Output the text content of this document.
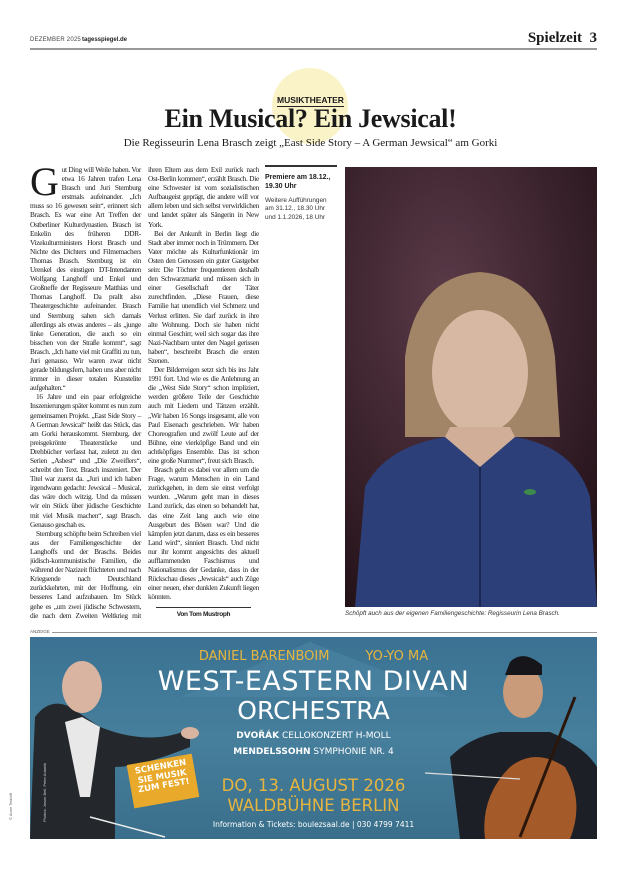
DEZEMBER 2025 tagesspiegel.de	Spielzeit 3
MUSIKTHEATER
Ein Musical? Ein Jewsical!
Die Regisseurin Lena Brasch zeigt „East Side Story – A German Jewsical“ am Gorki

Gut Ding will Weile haben. Vor etwa 16 Jahren trafen Lena Brasch und Juri Sternburg erstmals aufeinander. „Ich muss so 16 gewesen sein“, erinnert sich Brasch. Es war eine Art Treffen der Ostberliner Kulturdynastien. Brasch ist Enkelin des früheren DDR-Vizekulturministers Horst Brasch und Nichte des Dichters und Filmemachers Thomas Brasch. Sternburg ist ein Urenkel des einstigen DT-Intendanten Wolfgang Langhoff und Enkel und Großneffe der Regisseure Matthias und Thomas Langhoff. Da prallt also Theatergeschichte aufeinander. Brasch und Sternburg sahen sich damals allerdings als etwas anderes – als „junge linke Generation, die auch so ein bisschen von der Straße kommt“, sagt Brasch. „Ich hatte viel mit Graffiti zu tun, Juri genauso. Wir waren zwar nicht gerade bildungsfern, haben uns aber nicht immer in dieser totalen Kunstelite aufgehalten.“

16 Jahre und ein paar erfolgreiche Inszenierungen später kommt es nun zum gemeinsamen Projekt. „East Side Story – A German Jewsical“ heißt das Stück, das am Gorki herauskommt. Sternburg, der preisgekrönte Theaterstücke und Drehbücher verfasst hat, zuletzt zu den Serien „Asbest“ und „Die Zweiflers“, schreibt den Text. Brasch inszeniert. Der Titel war zuerst da. „Juri und ich haben irgendwann gedacht: Jewsical – Musical, das wäre doch witzig. Und da müssen wir ein Stück über jüdische Geschichte mit viel Musik machen“, sagt Brasch. Genauso geschah es.

Sternburg schöpfte beim Schreiben viel aus der Familiengeschichte der Langhoffs und der Braschs. Beides jüdisch-kommunistische Familien, die während der Nazizeit flüchteten und nach Kriegsende nach Deutschland zurückkehrten, mit der Hoffnung, ein besseres Land aufzubauen. Im Stück gehe es „um zwei jüdische Schwestern, die nach dem Zweiten Weltkrieg mit ihren Eltern aus dem Exil zurück nach Ost-Berlin kommen“, erzählt Brasch. Die eine Schwester ist vom sozialistischen Aufbaugeist geprägt, die andere will vor allem leben und sich selbst verwirklichen und landet später als Sängerin in New York.

Bei der Ankunft in Berlin liegt die Stadt aber immer noch in Trümmern. Der Vater möchte als Kulturfunktionär im Osten den Genossen ein guter Gastgeber sein: Die Töchter frequentieren deshalb den Schwarzmarkt und müssen sich in einer Gesellschaft der Täter zurechtfinden. „Diese Frauen, diese Familie hat unendlich viel Schmerz und Verlust erlitten. Sie darf zurück in ihre alte Wohnung. Doch sie haben nicht einmal Geschirr, weil sich sogar das ihre Nazi-Nachbarn unter den Nagel gerissen haben“, beschreibt Brasch die ersten Szenen.

Der Bilderreigen setzt sich bis ins Jahr 1991 fort. Und wie es die Anlehnung an die „West Side Story“ schon impliziert, werden größere Teile der Geschichte auch mit Liedern und Tänzen erzählt. „Wir haben 16 Songs insgesamt, alle von Paul Eisenach geschrieben. Wir haben Choreografien und zwölf Leute auf der Bühne, eine vierköpfige Band und ein achtköpfiges Ensemble. Das ist schon eine große Nummer“, freut sich Brasch.

Brasch geht es dabei vor allem um die Frage, warum Menschen in ein Land zurückgehen, in dem sie einst verfolgt wurden. „Warum geht man in dieses Land zurück, das einen so behandelt hat, das eine Zeit lang auch wie eine Ausgeburt des Bösen war? Und die kämpfen jetzt darum, dass es ein besseres Land wird“, sinniert Brasch. Und nicht nur ihr kommt angesichts des aktuell aufflammenden Faschismus und Nationalismus der Gedanke, dass in der Rückschau dieses „Jewsicals“ auch Züge einer neuen, eher dunklen Zukunft liegen könnten.

Von Tom Mustroph
Premiere am 18.12., 19.30 Uhr
Weitere Aufführungen am 31.12., 18.30 Uhr und 1.1.2026, 18 Uhr
Schöpft auch aus der eigenen Familiengeschichte: Regisseurin Lena Brasch.
© Anne Tetzlaff
ANZEIGE
DANIEL BARENBOIM	YO-YO MA
WEST-EASTERN DIVAN
ORCHESTRA
DVOŘÁK CELLOKONZERT H-MOLL
MENDELSSOHN SYMPHONIE NR. 4
SCHENKEN SIE MUSIK ZUM FEST!	DO, 13. AUGUST 2026
WALDBÜHNE BERLIN
Information & Tickets: boulezsaal.de | 030 4799 7411
Photos: Jason Bell, Peter Adamik
